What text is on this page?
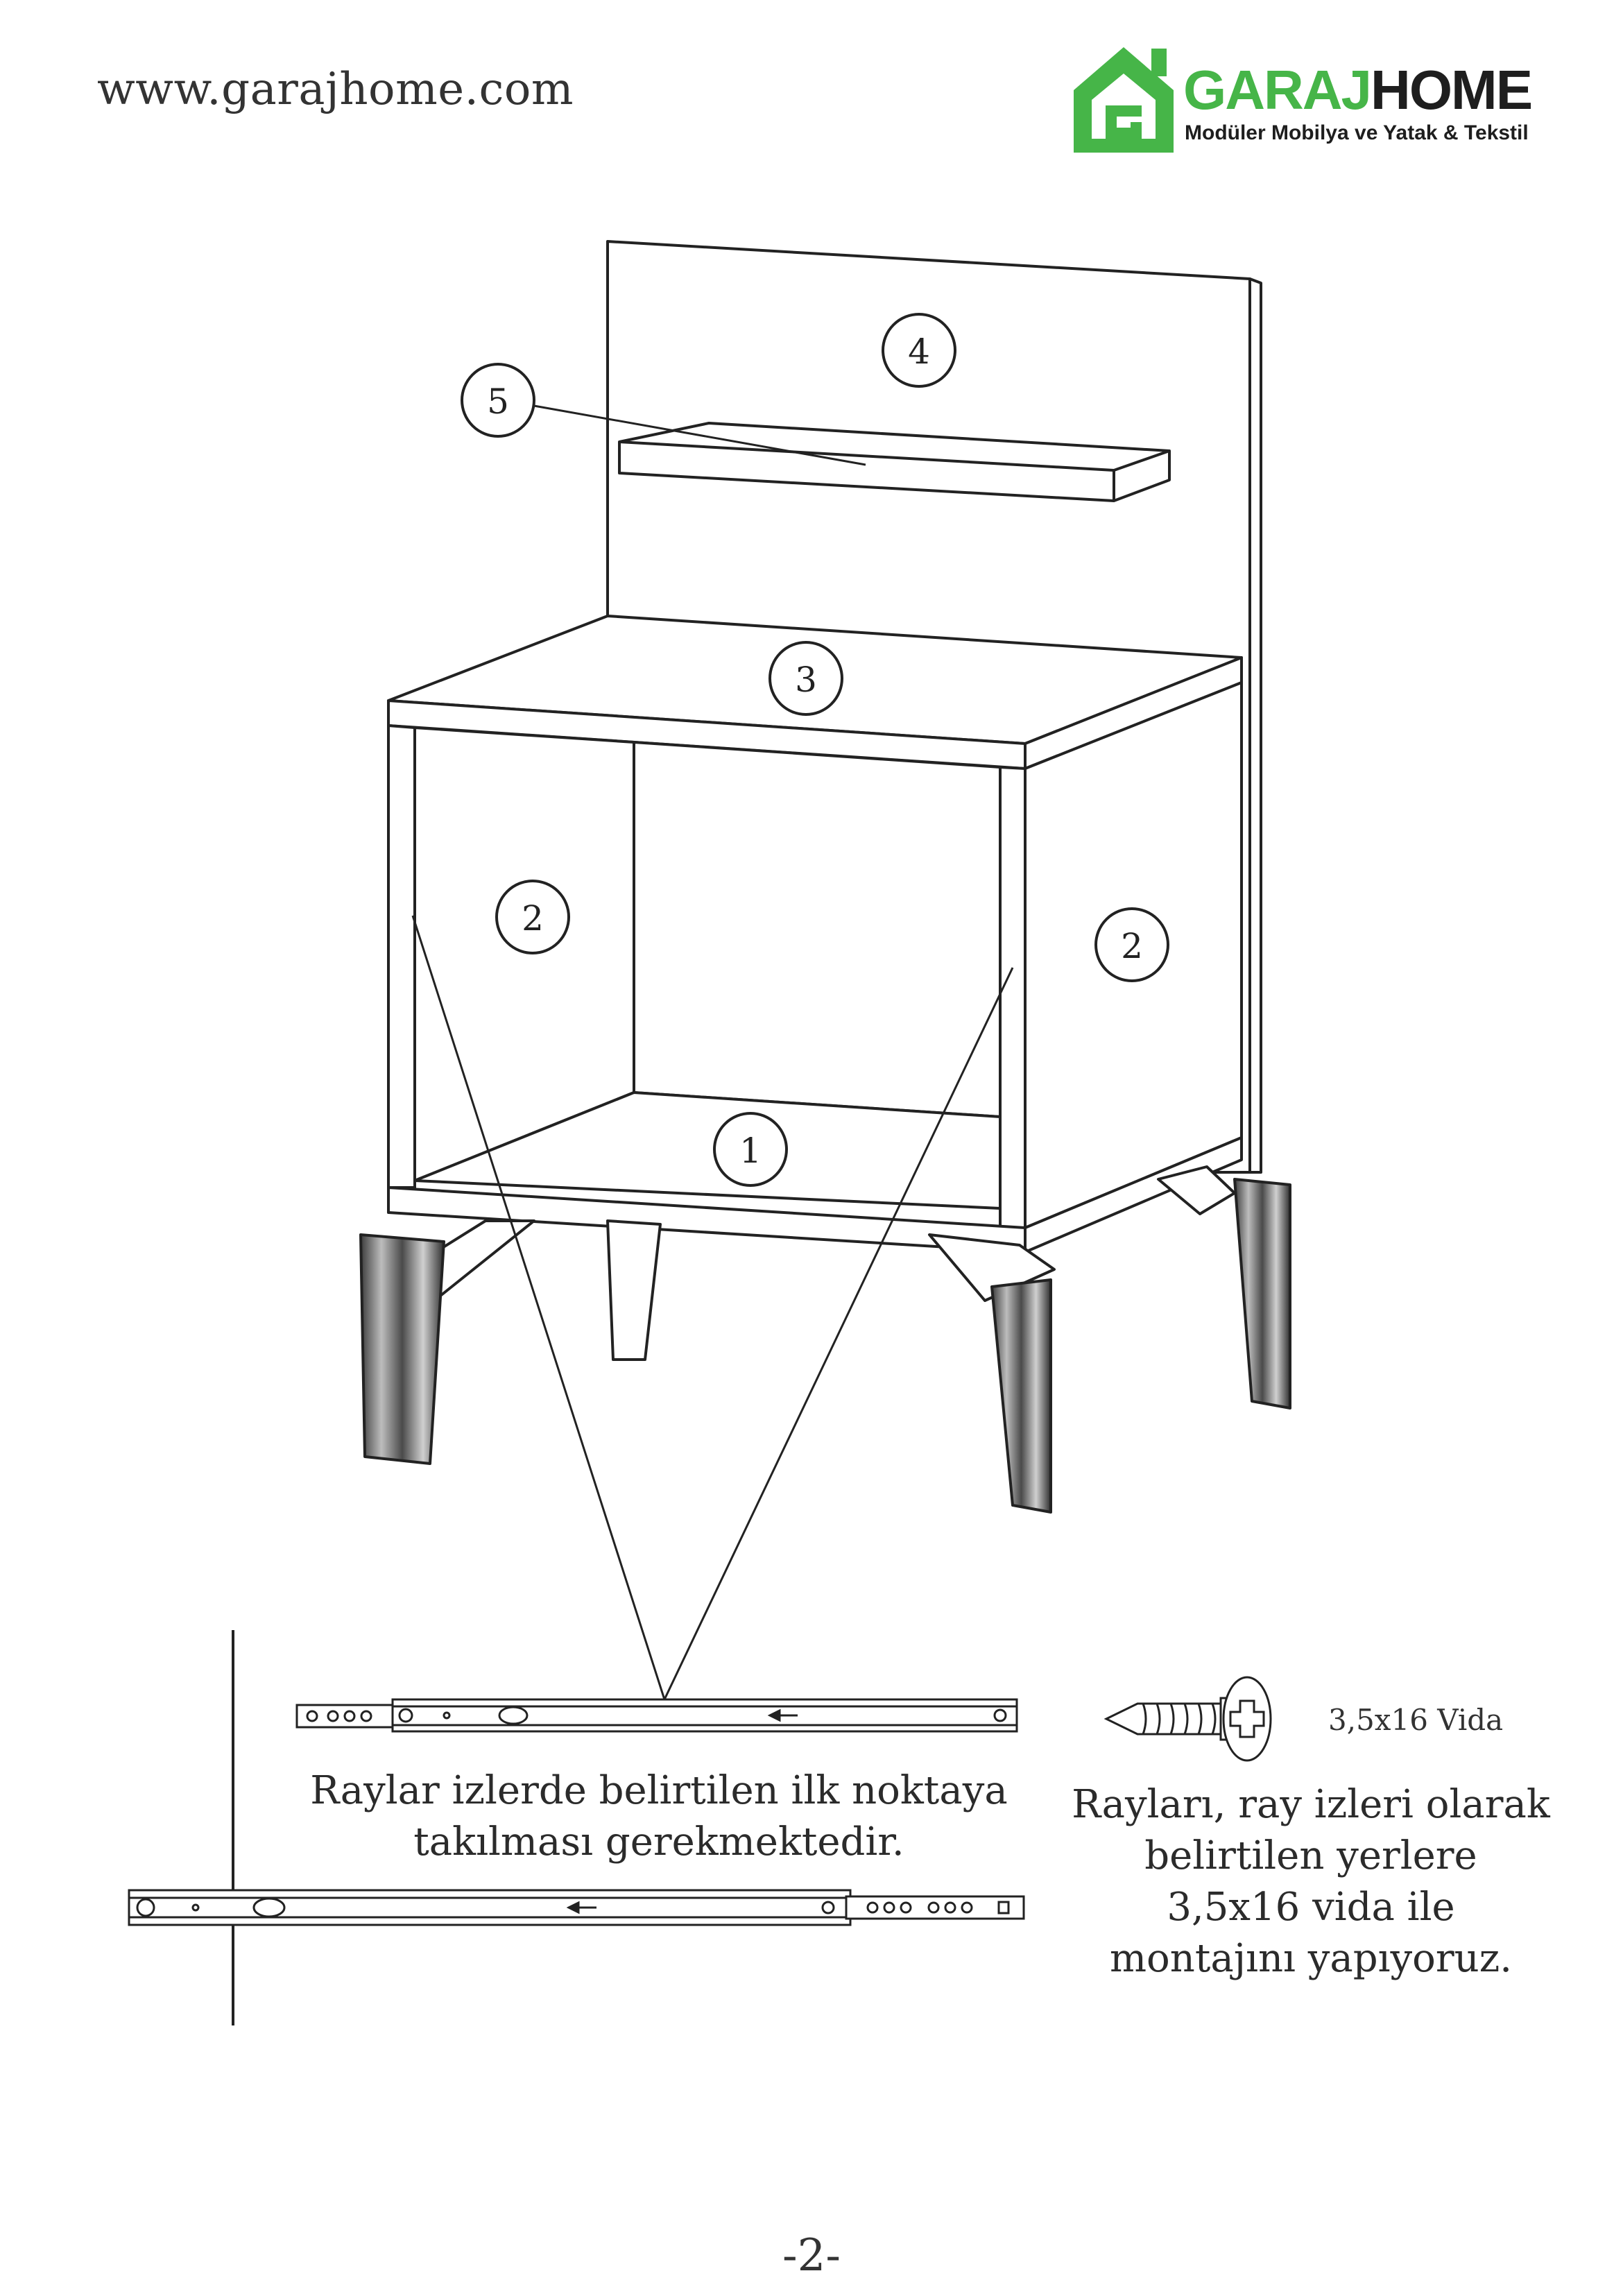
www.garajhome.com	GARAJHOME
Modüler Mobilya ve Yatak & Tekstil
1
2
2
3
4
5
3,5x16 Vida
Raylar izlerde belirtilen ilk noktaya
takılması gerekmektedir.
Rayları, ray izleri olarak
belirtilen yerlere
3,5x16 vida ile
montajını yapıyoruz.
-2-
